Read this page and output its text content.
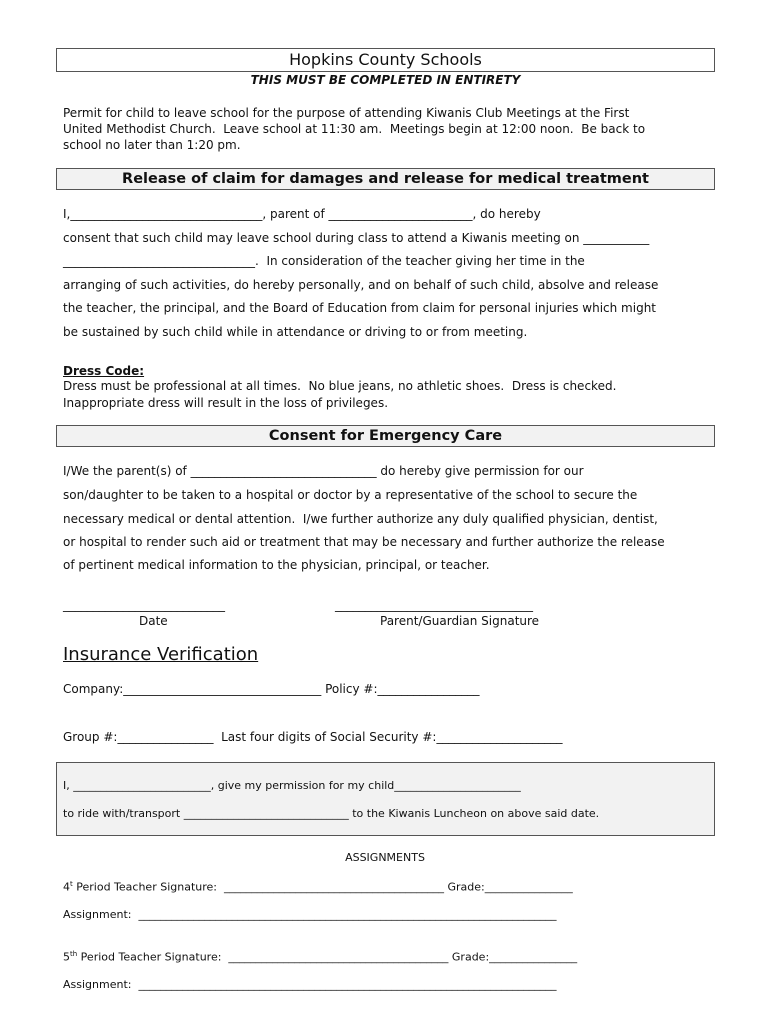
Hopkins County Schools
THIS MUST BE COMPLETED IN ENTIRETY
Permit for child to leave school for the purpose of attending Kiwanis Club Meetings at the First
United Methodist Church.  Leave school at 11:30 am.  Meetings begin at 12:00 noon.  Be back to
school no later than 1:20 pm.
Release of claim for damages and release for medical treatment
I,________________________________, parent of ________________________, do hereby
consent that such child may leave school during class to attend a Kiwanis meeting on ___________
________________________________.  In consideration of the teacher giving her time in the
arranging of such activities, do hereby personally, and on behalf of such child, absolve and release
the teacher, the principal, and the Board of Education from claim for personal injuries which might
be sustained by such child while in attendance or driving to or from meeting.
Dress Code:
Dress must be professional at all times.  No blue jeans, no athletic shoes.  Dress is checked.
Inappropriate dress will result in the loss of privileges.
Consent for Emergency Care
I/We the parent(s) of _______________________________ do hereby give permission for our
son/daughter to be taken to a hospital or doctor by a representative of the school to secure the
necessary medical or dental attention.  I/we further authorize any duly qualified physician, dentist,
or hospital to render such aid or treatment that may be necessary and further authorize the release
of pertinent medical information to the physician, principal, or teacher.
___________________________
Date
_________________________________
Parent/Guardian Signature
Insurance Verification
Company:_________________________________ Policy #:_________________
Group #:________________  Last four digits of Social Security #:_____________________
I, _________________________, give my permission for my child_______________________
to ride with/transport ______________________________ to the Kiwanis Luncheon on above said date.
ASSIGNMENTS
4$^t$ Period Teacher Signature:  ________________________________________ Grade:________________
Assignment:  ____________________________________________________________________________
5th Period Teacher Signature:  ________________________________________ Grade:________________
Assignment:  ____________________________________________________________________________
